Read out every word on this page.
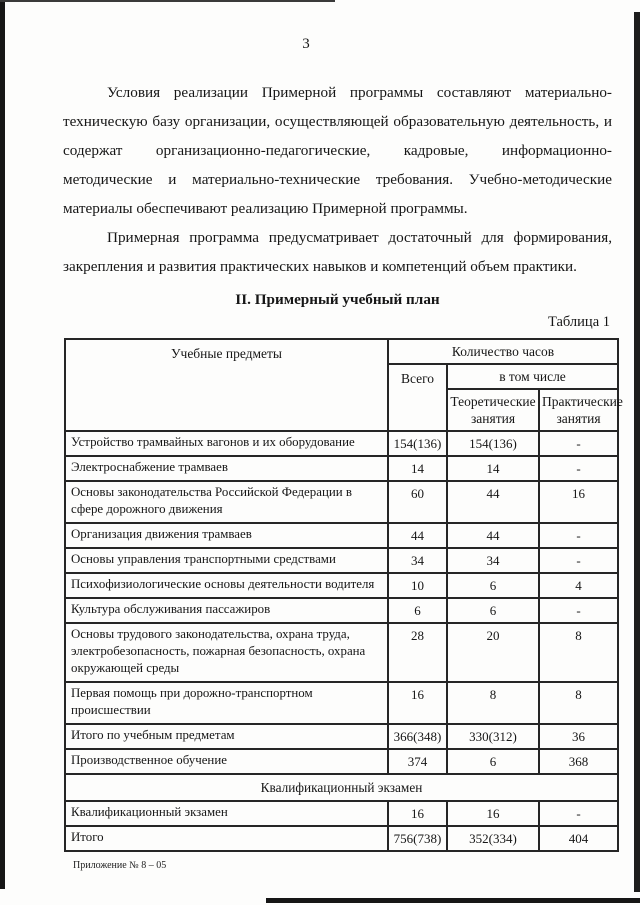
3

Условия реализации Примерной программы составляют материально-техническую базу организации, осуществляющей образовательную деятельность, и содержат организационно-педагогические, кадровые, информационно-методические и материально-технические требования. Учебно-методические материалы обеспечивают реализацию Примерной программы.

Примерная программа предусматривает достаточный для формирования, закрепления и развития практических навыков и компетенций объем практики.

II. Примерный учебный план
Таблица 1
Учебные предметы	Количество часов		
	Всего	в том числе	
		Теоретические занятия	Практические занятия
Устройство трамвайных вагонов и их оборудование	154(136)	154(136)	-
Электроснабжение трамваев	14	14	-
Основы законодательства Российской Федерации в сфере дорожного движения	60	44	16
Организация движения трамваев	44	44	-
Основы управления транспортными средствами	34	34	-
Психофизиологические основы деятельности водителя	10	6	4
Культура обслуживания пассажиров	6	6	-
Основы трудового законодательства, охрана труда, электробезопасность, пожарная безопасность, охрана окружающей среды	28	20	8
Первая помощь при дорожно-транспортном происшествии	16	8	8
Итого по учебным предметам	366(348)	330(312)	36
Производственное обучение	374	6	368
Квалификационный экзамен			
Квалификационный экзамен	16	16	-
Итого	756(738)	352(334)	404
Приложение № 8 – 05
